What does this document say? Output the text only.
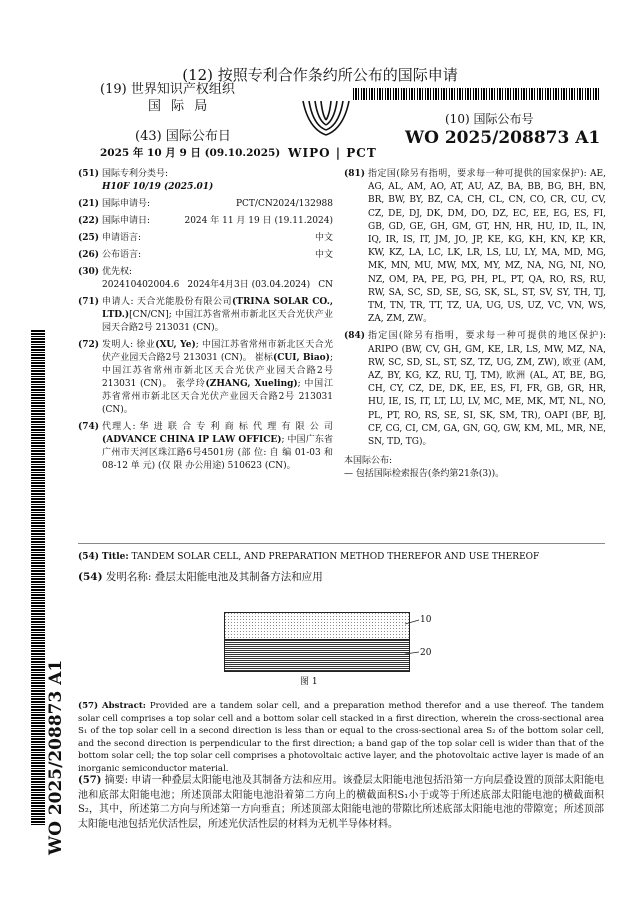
(12) 按照专利合作条约所公布的国际申请
(19) 世界知识产权组织
国 际 局
(43) 国际公布日
2025 年 10 月 9 日 (09.10.2025) WIPO | PCT
(10) 国际公布号
WO 2025/208873 A1
(51) 国际专利分类号:
H10F 10/19 (2025.01)
(21) 国际申请号:	PCT/CN2024/132988
(22) 国际申请日:	2024 年 11 月 19 日 (19.11.2024)
(25) 申请语言:	中文
(26) 公布语言:	中文
(30) 优先权:

202410402004.6 2024年4月3日 (03.04.2024) CN
(71) 申请人: 天合光能股份有限公司(TRINA SOLAR CO., LTD.)[CN/CN]; 中国江苏省常州市新北区天合光伏产业园天合路2号 213031 (CN)。
(72) 发明人: 徐业(XU, Ye); 中国江苏省常州市新北区天合光伏产业园天合路2号 213031 (CN)。 崔标(CUI, Biao); 中国江苏省常州市新北区天合光伏产业园天合路2号 213031 (CN)。 张学玲(ZHANG, Xueling); 中国江苏省常州市新北区天合光伏产业园天合路2号 213031 (CN)。
(74) 代理人: 华 进 联 合 专 利 商 标 代 理 有 限 公 司(ADVANCE CHINA IP LAW OFFICE); 中国广东省广州市天河区珠江路6号4501房 (部 位: 自 编 01-03 和 08-12 单 元) (仅 限 办公用途) 510623 (CN)。
(81) 指定国(除另有指明，要求每一种可提供的国家保护): AE, AG, AL, AM, AO, AT, AU, AZ, BA, BB, BG, BH, BN, BR, BW, BY, BZ, CA, CH, CL, CN, CO, CR, CU, CV, CZ, DE, DJ, DK, DM, DO, DZ, EC, EE, EG, ES, FI, GB, GD, GE, GH, GM, GT, HN, HR, HU, ID, IL, IN, IQ, IR, IS, IT, JM, JO, JP, KE, KG, KH, KN, KP, KR, KW, KZ, LA, LC, LK, LR, LS, LU, LY, MA, MD, MG, MK, MN, MU, MW, MX, MY, MZ, NA, NG, NI, NO, NZ, OM, PA, PE, PG, PH, PL, PT, QA, RO, RS, RU, RW, SA, SC, SD, SE, SG, SK, SL, ST, SV, SY, TH, TJ, TM, TN, TR, TT, TZ, UA, UG, US, UZ, VC, VN, WS, ZA, ZM, ZW。
(84) 指定国(除另有指明，要求每一种可提供的地区保护): ARIPO (BW, CV, GH, GM, KE, LR, LS, MW, MZ, NA, RW, SC, SD, SL, ST, SZ, TZ, UG, ZM, ZW), 欧亚 (AM, AZ, BY, KG, KZ, RU, TJ, TM), 欧洲 (AL, AT, BE, BG, CH, CY, CZ, DE, DK, EE, ES, FI, FR, GB, GR, HR, HU, IE, IS, IT, LT, LU, LV, MC, ME, MK, MT, NL, NO, PL, PT, RO, RS, SE, SI, SK, SM, TR), OAPI (BF, BJ, CF, CG, CI, CM, GA, GN, GQ, GW, KM, ML, MR, NE, SN, TD, TG)。
本国际公布:
— 包括国际检索报告(条约第21条(3))。
(54) Title: TANDEM SOLAR CELL, AND PREPARATION METHOD THEREFOR AND USE THEREOF
(54) 发明名称: 叠层太阳能电池及其制备方法和应用
10
20
图 1
(57) Abstract: Provided are a tandem solar cell, and a preparation method therefor and a use thereof. The tandem solar cell comprises a top solar cell and a bottom solar cell stacked in a first direction, wherein the cross-sectional area S₁ of the top solar cell in a second direction is less than or equal to the cross-sectional area S₂ of the bottom solar cell, and the second direction is perpendicular to the first direction; a band gap of the top solar cell is wider than that of the bottom solar cell; the top solar cell comprises a photovoltaic active layer, and the photovoltaic active layer is made of an inorganic semiconductor material.
(57) 摘要: 申请一种叠层太阳能电池及其制备方法和应用。该叠层太阳能电池包括沿第一方向层叠设置的顶部太阳能电池和底部太阳能电池；所述顶部太阳能电池沿着第二方向上的横截面积S₁小于或等于所述底部太阳能电池的横截面积S₂，其中，所述第二方向与所述第一方向垂直；所述顶部太阳能电池的带隙比所述底部太阳能电池的带隙宽；所述顶部太阳能电池包括光伏活性层，所述光伏活性层的材料为无机半导体材料。
WO 2025/208873 A1
